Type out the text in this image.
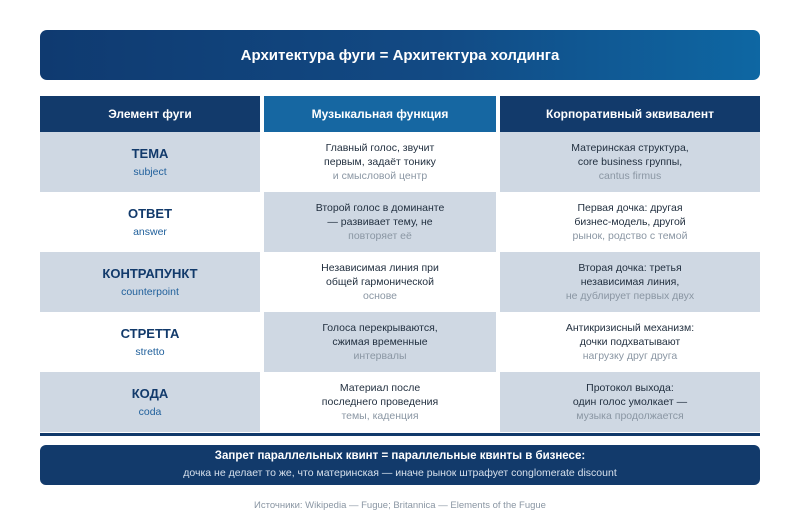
Архитектура фуги = Архитектура холдинга
Элемент фуги	Музыкальная функция	Корпоративный эквивалент
ТЕМА
subject
Главный голос, звучит
первым, задаёт тонику
и смысловой центр
Материнская структура,
core business группы,
cantus firmus
ОТВЕТ
answer
Второй голос в доминанте
— развивает тему, не
повторяет её
Первая дочка: другая
бизнес-модель, другой
рынок, родство с темой
КОНТРАПУНКТ
counterpoint
Независимая линия при
общей гармонической
основе
Вторая дочка: третья
независимая линия,
не дублирует первых двух
СТРЕТТА
stretto
Голоса перекрываются,
сжимая временные
интервалы
Антикризисный механизм:
дочки подхватывают
нагрузку друг друга
КОДА
coda
Материал после
последнего проведения
темы, каденция
Протокол выхода:
один голос умолкает —
музыка продолжается
Запрет параллельных квинт = параллельные квинты в бизнесе:
дочка не делает то же, что материнская — иначе рынок штрафует conglomerate discount
Источники: Wikipedia — Fugue; Britannica — Elements of the Fugue
